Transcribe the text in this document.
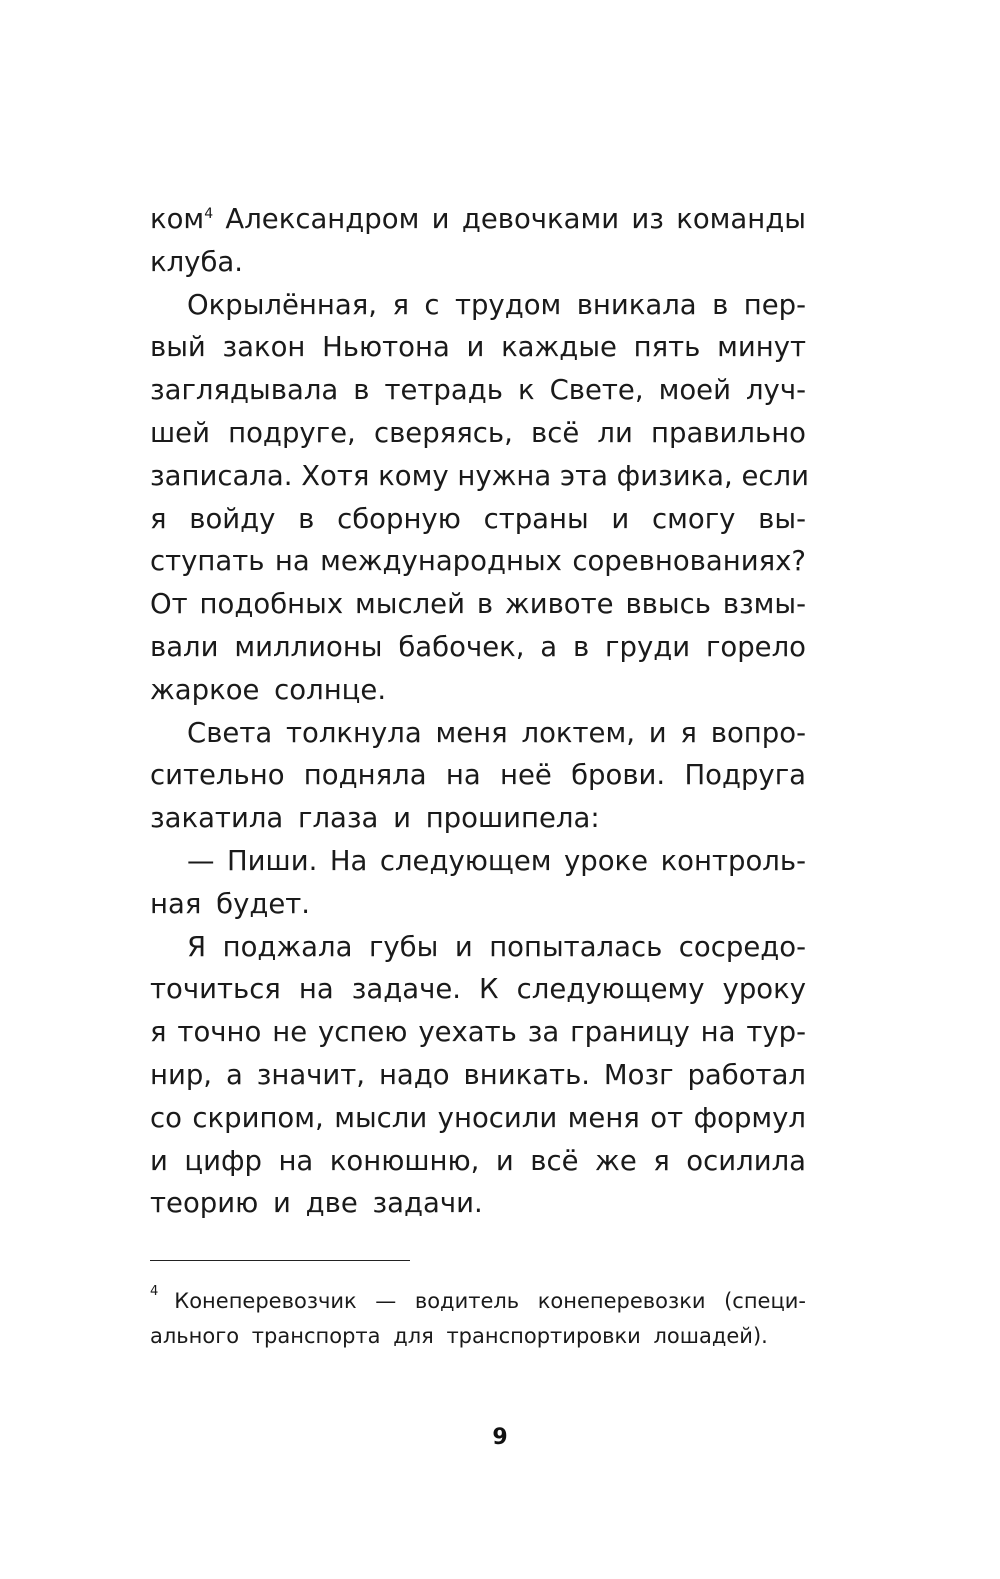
ком$^4$ Александром и девочками из команды
клуба.
Окрылённая, я с трудом вникала в пер-
вый закон Ньютона и каждые пять минут
заглядывала в тетрадь к Свете, моей луч-
шей подруге, сверяясь, всё ли правильно
записала. Хотя кому нужна эта физика, если
я войду в сборную страны и смогу вы-
ступать на международных соревнованиях?
От подобных мыслей в животе ввысь взмы-
вали миллионы бабочек, а в груди горело
жаркое солнце.
Света толкнула меня локтем, и я вопро-
сительно подняла на неё брови. Подруга
закатила глаза и прошипела:
— Пиши. На следующем уроке контроль-
ная будет.
Я поджала губы и попыталась сосредо-
точиться на задаче. К следующему уроку
я точно не успею уехать за границу на тур-
нир, а значит, надо вникать. Мозг работал
со скрипом, мысли уносили меня от формул
и цифр на конюшню, и всё же я осилила
теорию и две задачи.
4 Конеперевозчик — водитель конеперевозки (специ-
ального транспорта для транспортировки лошадей).
9
